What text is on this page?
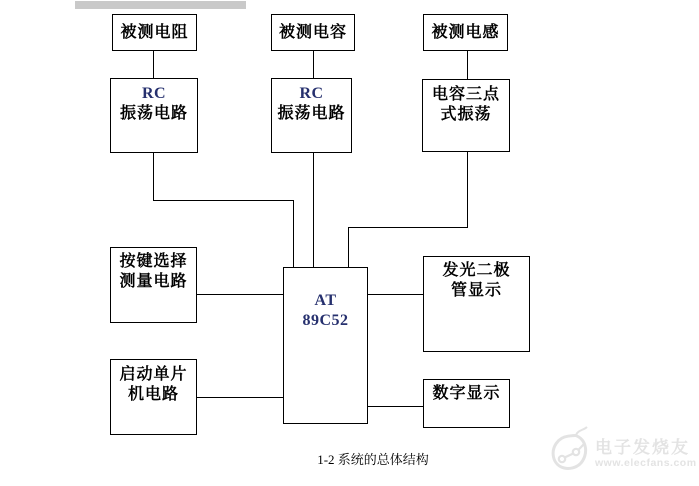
被测电阻	被测电容	被测电感
RC
振荡电路
RC
振荡电路
电容三点
式振荡
AT
89C52
按键选择
测量电路
启动单片
机电路
发光二极
管显示
数字显示
1-2 系统的总体结构
电子发烧友
www.elecfans.com
